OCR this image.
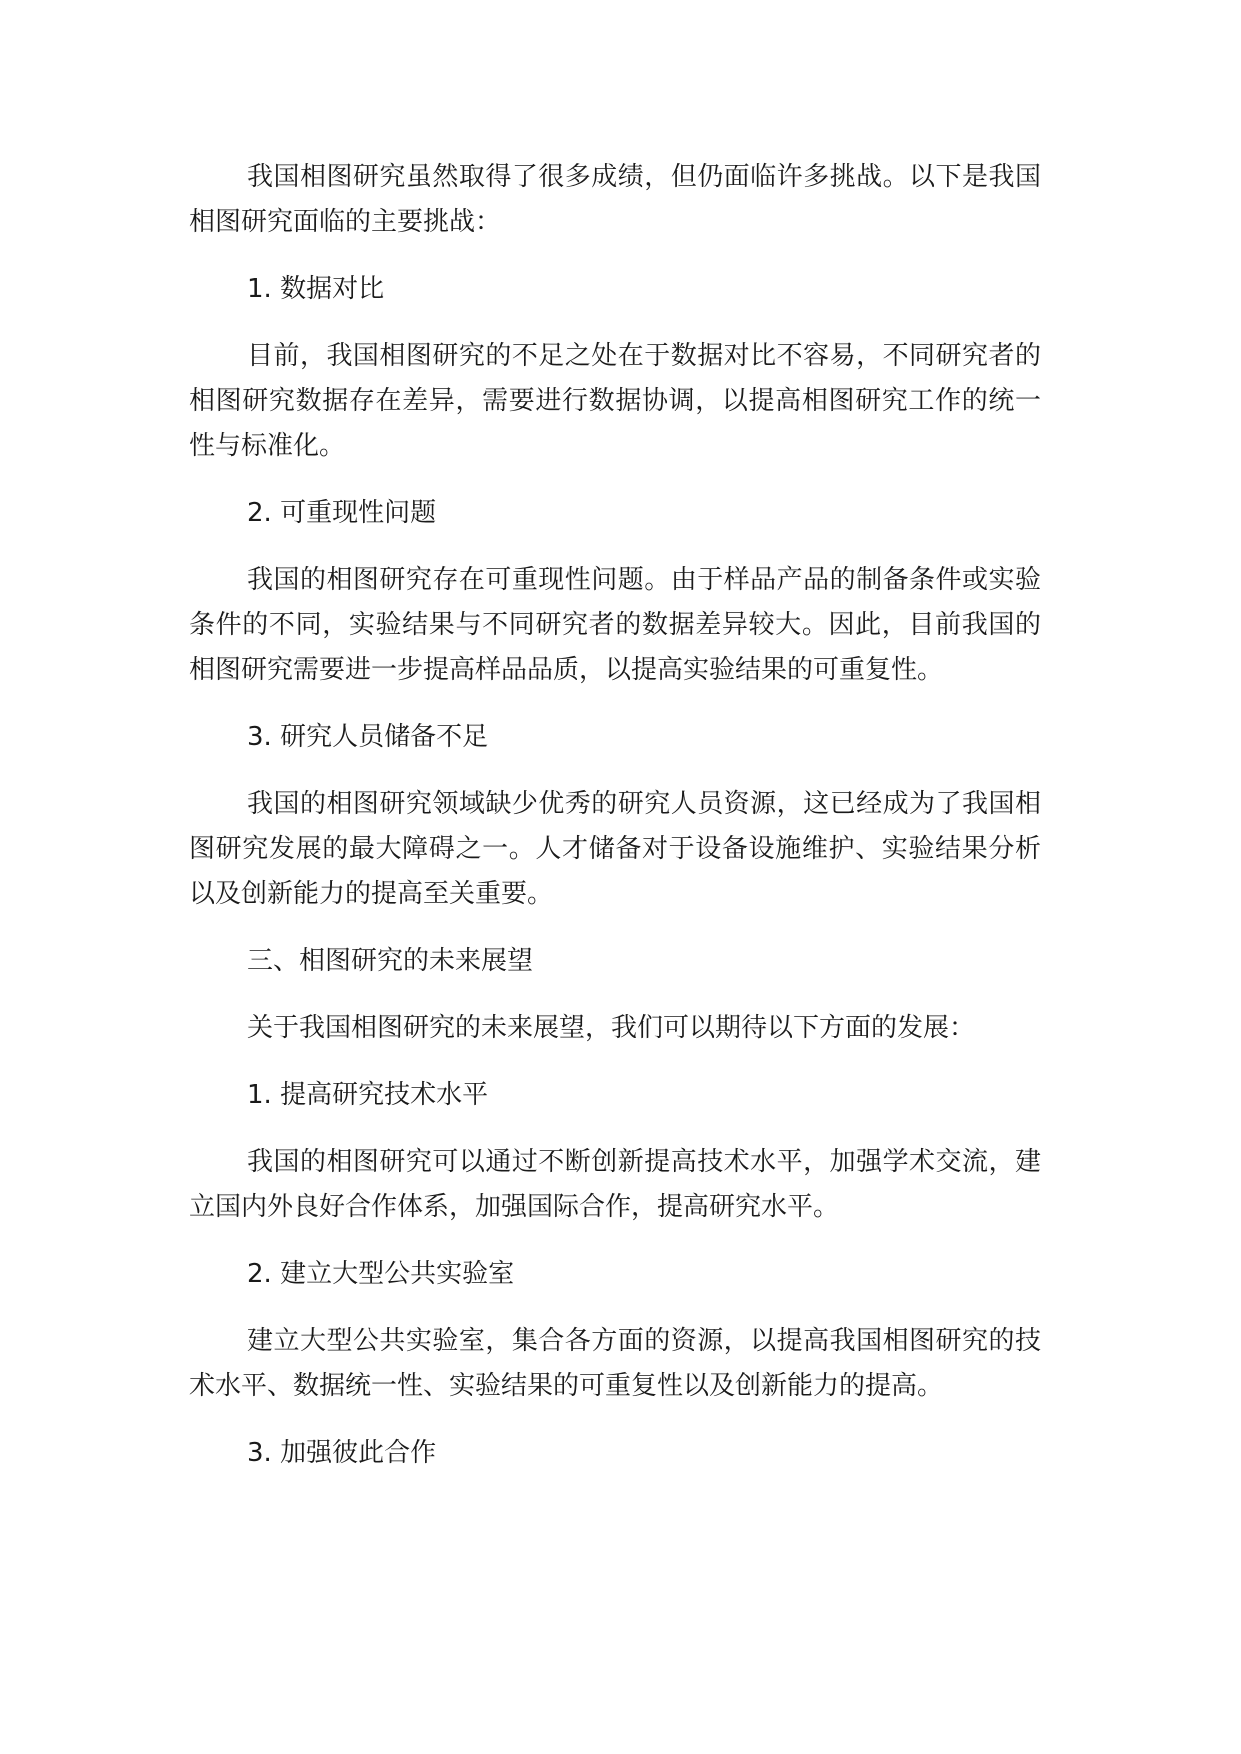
我国相图研究虽然取得了很多成绩，但仍面临许多挑战。以下是我国相图研究面临的主要挑战：

1. 数据对比

目前，我国相图研究的不足之处在于数据对比不容易，不同研究者的相图研究数据存在差异，需要进行数据协调，以提高相图研究工作的统一性与标准化。

2. 可重现性问题

我国的相图研究存在可重现性问题。由于样品产品的制备条件或实验条件的不同，实验结果与不同研究者的数据差异较大。因此，目前我国的相图研究需要进一步提高样品品质，以提高实验结果的可重复性。

3. 研究人员储备不足

我国的相图研究领域缺少优秀的研究人员资源，这已经成为了我国相图研究发展的最大障碍之一。人才储备对于设备设施维护、实验结果分析以及创新能力的提高至关重要。

三、相图研究的未来展望

关于我国相图研究的未来展望，我们可以期待以下方面的发展：

1. 提高研究技术水平

我国的相图研究可以通过不断创新提高技术水平，加强学术交流，建立国内外良好合作体系，加强国际合作，提高研究水平。

2. 建立大型公共实验室

建立大型公共实验室，集合各方面的资源，以提高我国相图研究的技术水平、数据统一性、实验结果的可重复性以及创新能力的提高。

3. 加强彼此合作
